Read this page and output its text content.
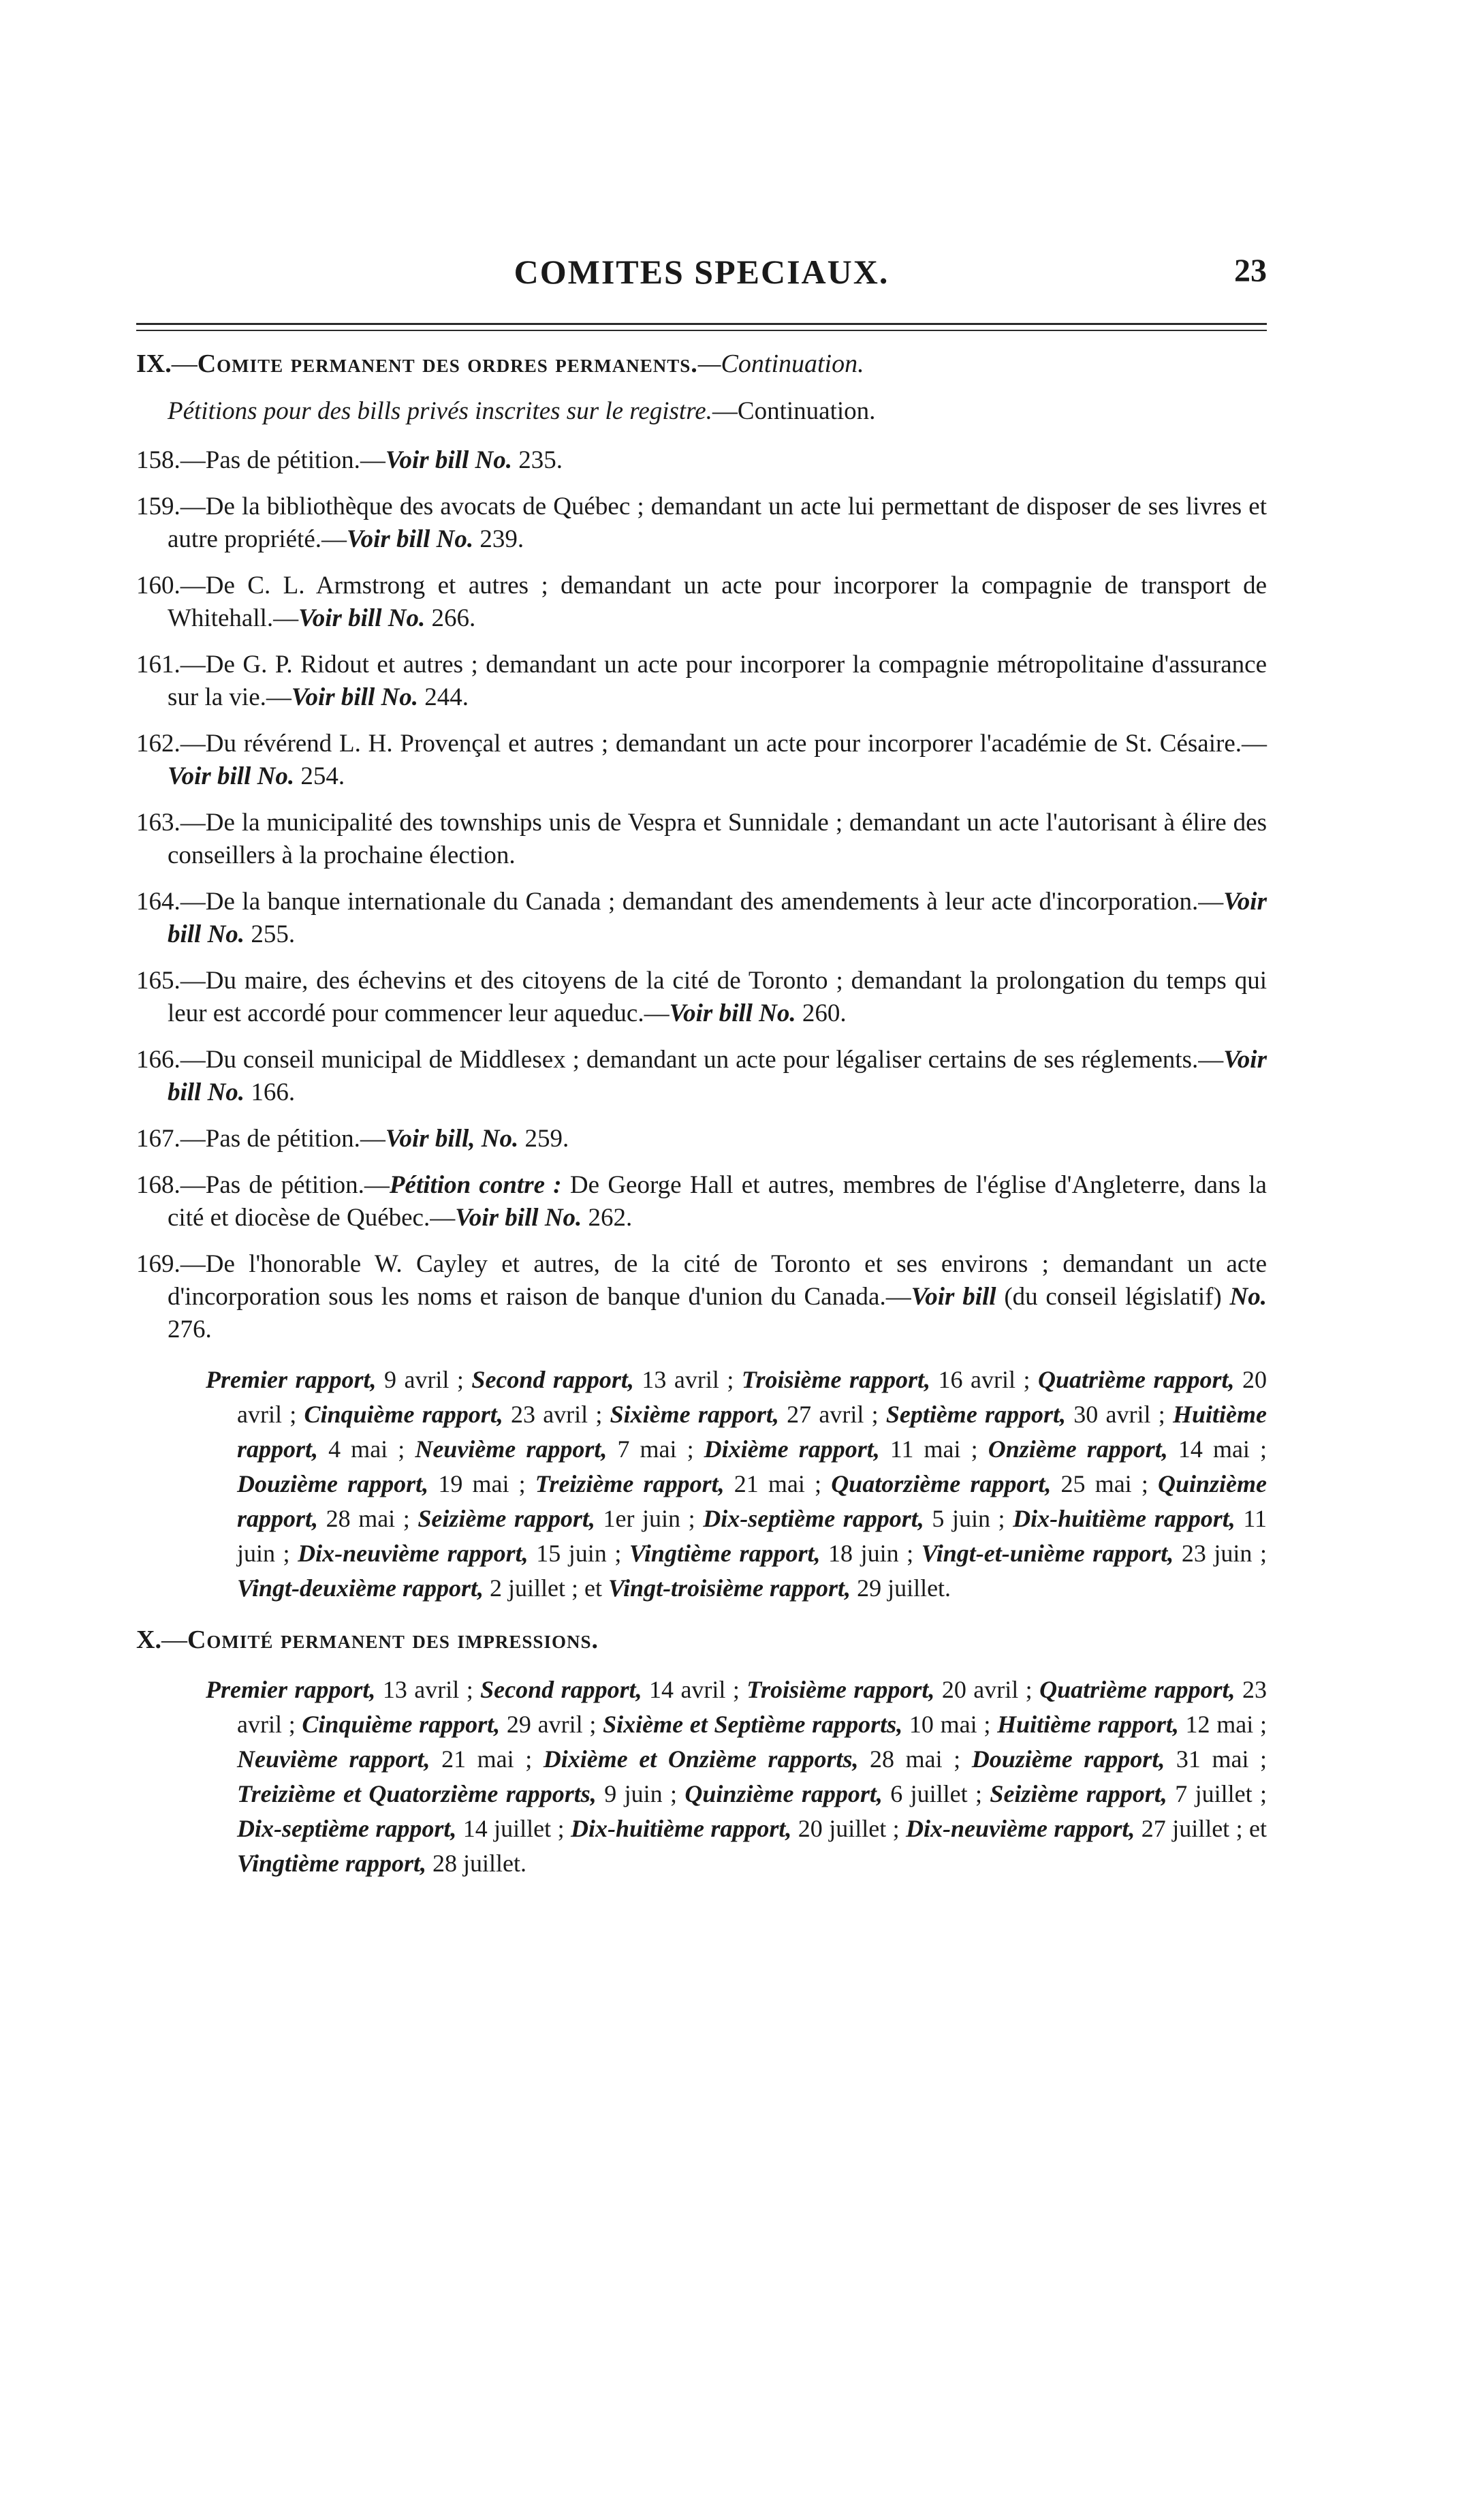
COMITES SPECIAUX.	23
IX.—Comite permanent des ordres permanents.—Continuation.
Pétitions pour des bills privés inscrites sur le registre.—Continuation.
158.—Pas de pétition.—Voir bill No. 235.
159.—De la bibliothèque des avocats de Québec ; demandant un acte lui permettant de disposer de ses livres et autre propriété.—Voir bill No. 239.
160.—De C. L. Armstrong et autres ; demandant un acte pour incorporer la compagnie de transport de Whitehall.—Voir bill No. 266.
161.—De G. P. Ridout et autres ; demandant un acte pour incorporer la compagnie métropolitaine d'assurance sur la vie.—Voir bill No. 244.
162.—Du révérend L. H. Provençal et autres ; demandant un acte pour incorporer l'académie de St. Césaire.—Voir bill No. 254.
163.—De la municipalité des townships unis de Vespra et Sunnidale ; demandant un acte l'autorisant à élire des conseillers à la prochaine élection.
164.—De la banque internationale du Canada ; demandant des amendements à leur acte d'incorporation.—Voir bill No. 255.
165.—Du maire, des échevins et des citoyens de la cité de Toronto ; demandant la prolongation du temps qui leur est accordé pour commencer leur aqueduc.—Voir bill No. 260.
166.—Du conseil municipal de Middlesex ; demandant un acte pour légaliser certains de ses réglements.—Voir bill No. 166.
167.—Pas de pétition.—Voir bill, No. 259.
168.—Pas de pétition.—Pétition contre : De George Hall et autres, membres de l'église d'Angleterre, dans la cité et diocèse de Québec.—Voir bill No. 262.
169.—De l'honorable W. Cayley et autres, de la cité de Toronto et ses environs ; demandant un acte d'incorporation sous les noms et raison de banque d'union du Canada.—Voir bill (du conseil législatif) No. 276.
Premier rapport, 9 avril ; Second rapport, 13 avril ; Troisième rapport, 16 avril ; Quatrième rapport, 20 avril ; Cinquième rapport, 23 avril ; Sixième rapport, 27 avril ; Septième rapport, 30 avril ; Huitième rapport, 4 mai ; Neuvième rapport, 7 mai ; Dixième rapport, 11 mai ; Onzième rapport, 14 mai ; Douzième rapport, 19 mai ; Treizième rapport, 21 mai ; Quatorzième rapport, 25 mai ; Quinzième rapport, 28 mai ; Seizième rapport, 1er juin ; Dix-septième rapport, 5 juin ; Dix-huitième rapport, 11 juin ; Dix-neuvième rapport, 15 juin ; Vingtième rapport, 18 juin ; Vingt-et-unième rapport, 23 juin ; Vingt-deuxième rapport, 2 juillet ; et Vingt-troisième rapport, 29 juillet.
X.—Comité permanent des impressions.
Premier rapport, 13 avril ; Second rapport, 14 avril ; Troisième rapport, 20 avril ; Quatrième rapport, 23 avril ; Cinquième rapport, 29 avril ; Sixième et Septième rapports, 10 mai ; Huitième rapport, 12 mai ; Neuvième rapport, 21 mai ; Dixième et Onzième rapports, 28 mai ; Douzième rapport, 31 mai ; Treizième et Quatorzième rapports, 9 juin ; Quinzième rapport, 6 juillet ; Seizième rapport, 7 juillet ; Dix-septième rapport, 14 juillet ; Dix-huitième rapport, 20 juillet ; Dix-neuvième rapport, 27 juillet ; et Vingtième rapport, 28 juillet.
